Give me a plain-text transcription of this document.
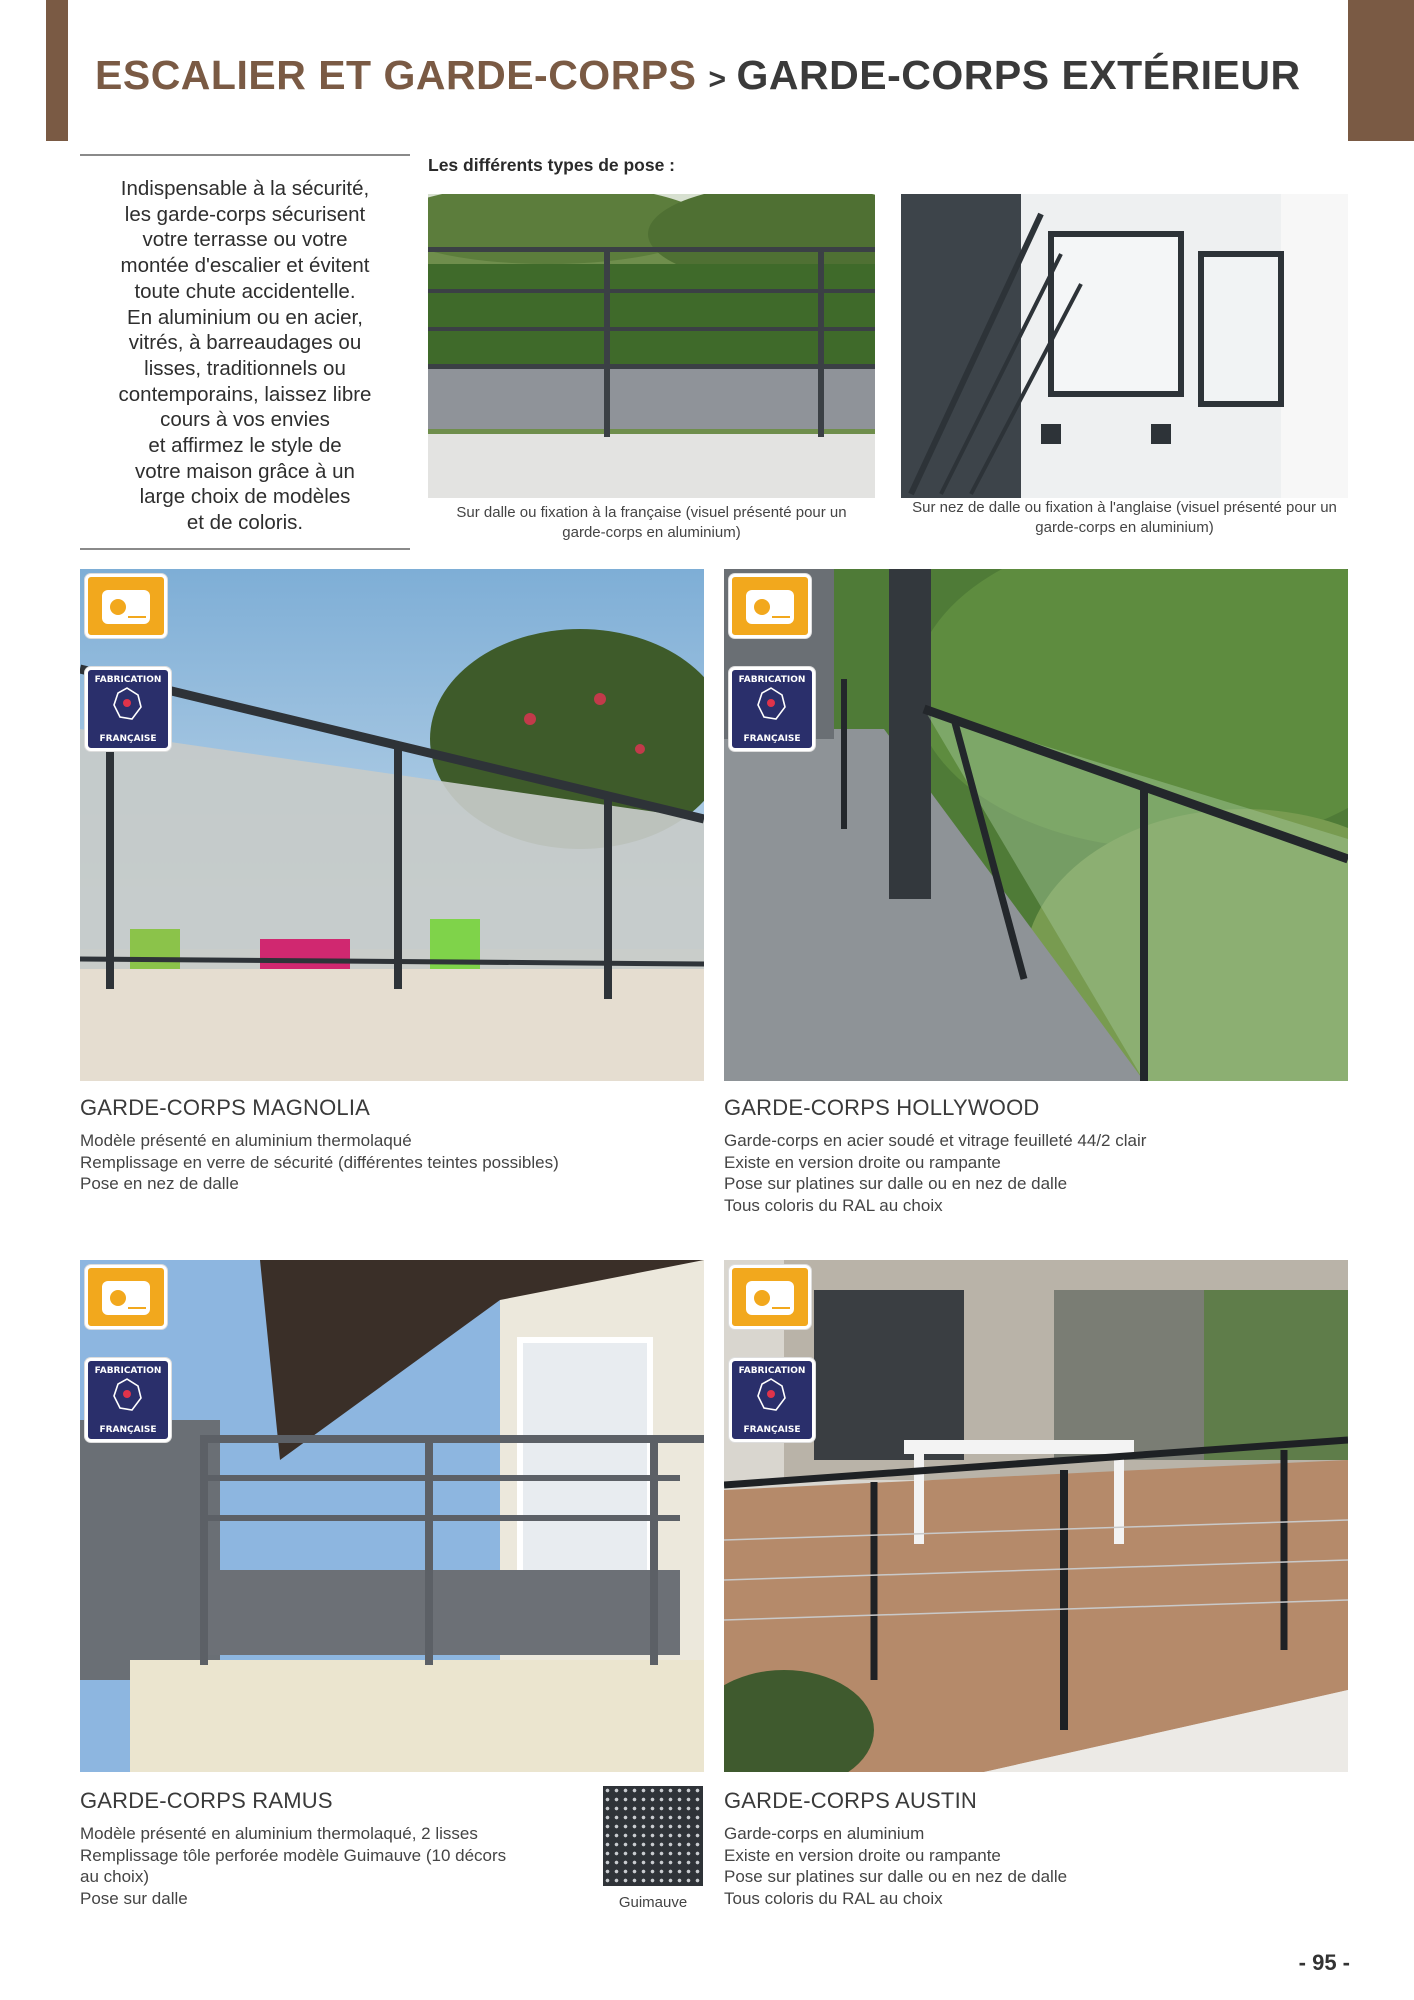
ESCALIER ET GARDE-CORPS > GARDE-CORPS EXTÉRIEUR
Indispensable à la sécurité,
les garde-corps sécurisent
votre terrasse ou votre
montée d'escalier et évitent
toute chute accidentelle.
En aluminium ou en acier,
vitrés, à barreaudages ou
lisses, traditionnels ou
contemporains, laissez libre
cours à vos envies
et affirmez le style de
votre maison grâce à un
large choix de modèles
et de coloris.
Les différents types de pose :
Sur dalle ou fixation à la française (visuel présenté pour un
garde-corps en aluminium)
Sur nez de dalle ou fixation à l'anglaise (visuel présenté pour un
garde-corps en aluminium)
FABRICATION
FRANÇAISE
GARDE-CORPS MAGNOLIA
Modèle présenté en aluminium thermolaqué
Remplissage en verre de sécurité (différentes teintes possibles)
Pose en nez de dalle
FABRICATION
FRANÇAISE
GARDE-CORPS HOLLYWOOD
Garde-corps en acier soudé et vitrage feuilleté 44/2 clair
Existe en version droite ou rampante
Pose sur platines sur dalle ou en nez de dalle
Tous coloris du RAL au choix
FABRICATION
FRANÇAISE
GARDE-CORPS RAMUS
Modèle présenté en aluminium thermolaqué, 2 lisses
Remplissage tôle perforée modèle Guimauve (10 décors
au choix)
Pose sur dalle	Guimauve
FABRICATION
FRANÇAISE
GARDE-CORPS AUSTIN
Garde-corps en aluminium
Existe en version droite ou rampante
Pose sur platines sur dalle ou en nez de dalle
Tous coloris du RAL au choix
- 95 -
